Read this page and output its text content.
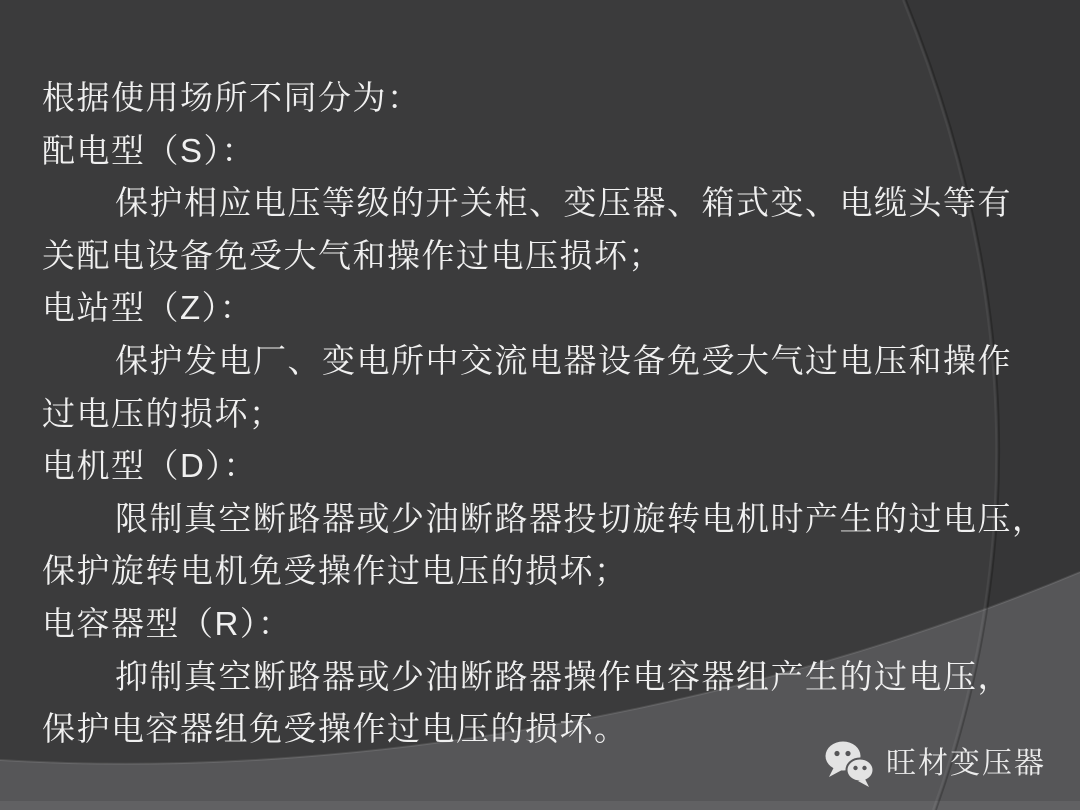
根据使用场所不同分为：
配电型（S）：
保护相应电压等级的开关柜、变压器、箱式变、电缆头等有
关配电设备免受大气和操作过电压损坏；
电站型（Z）：
保护发电厂、变电所中交流电器设备免受大气过电压和操作
过电压的损坏；
电机型（D）：
限制真空断路器或少油断路器投切旋转电机时产生的过电压，
保护旋转电机免受操作过电压的损坏；
电容器型（R）：
抑制真空断路器或少油断路器操作电容器组产生的过电压，
保护电容器组免受操作过电压的损坏。
旺材变压器
